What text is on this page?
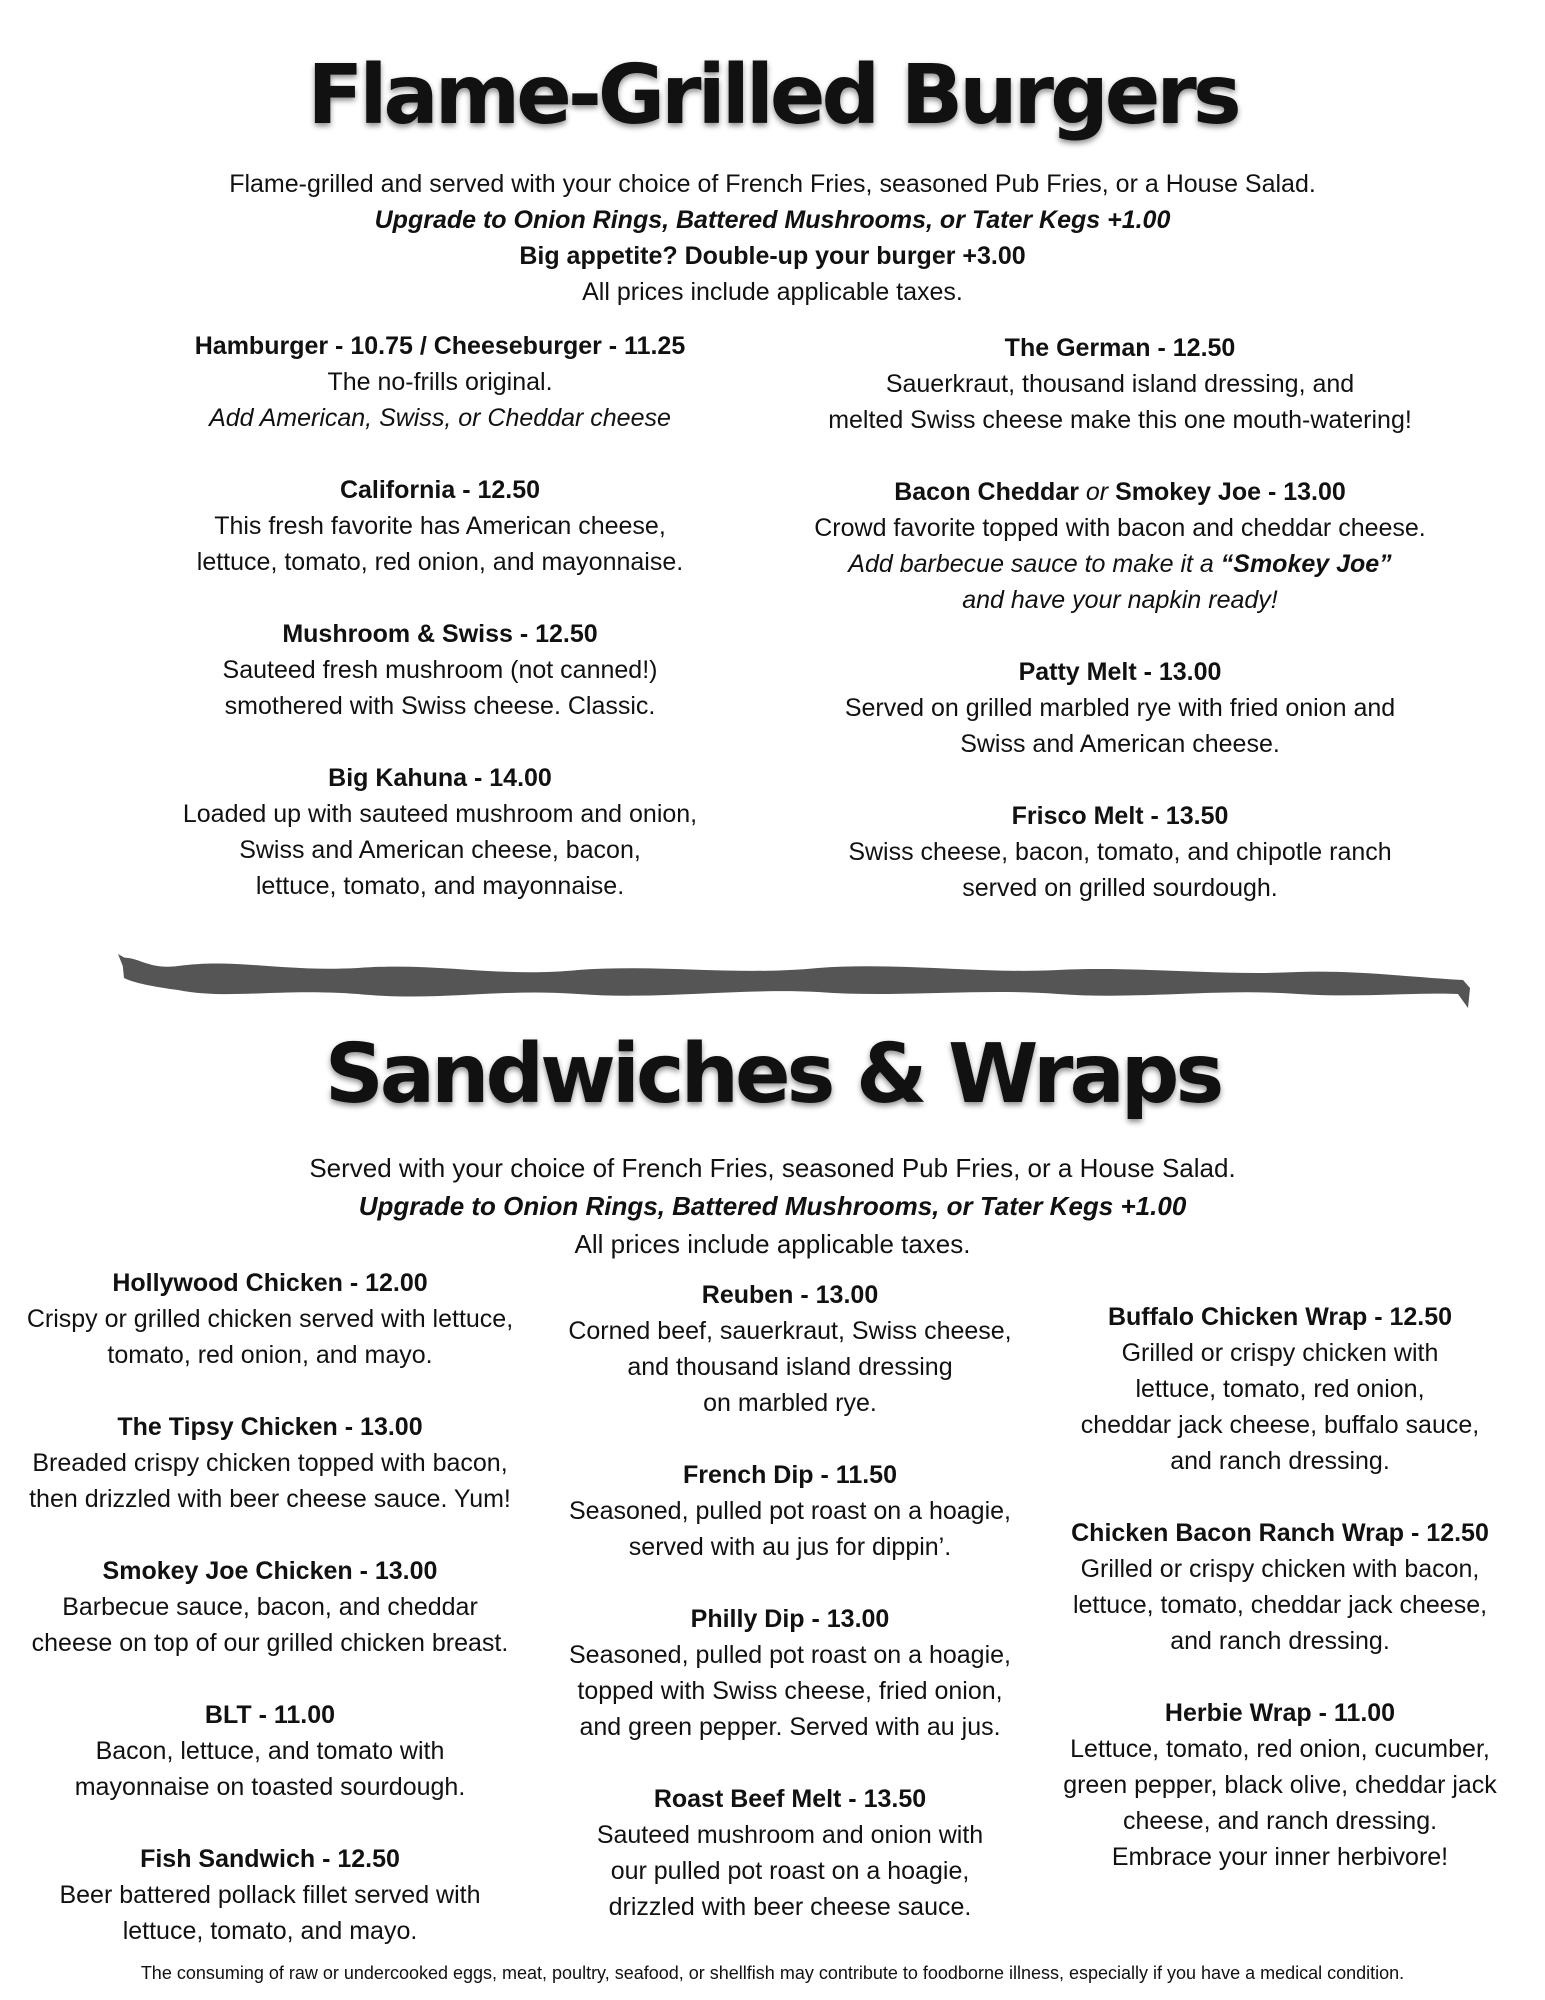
Flame-Grilled Burgers
Flame-grilled and served with your choice of French Fries, seasoned Pub Fries, or a House Salad.
Upgrade to Onion Rings, Battered Mushrooms, or Tater Kegs +1.00
Big appetite? Double-up your burger +3.00
All prices include applicable taxes.
Hamburger - 10.75 / Cheeseburger - 11.25
The no-frills original.
Add American, Swiss, or Cheddar cheese
California - 12.50
This fresh favorite has American cheese,
lettuce, tomato, red onion, and mayonnaise.
Mushroom & Swiss - 12.50
Sauteed fresh mushroom (not canned!)
smothered with Swiss cheese. Classic.
Big Kahuna - 14.00
Loaded up with sauteed mushroom and onion,
Swiss and American cheese, bacon,
lettuce, tomato, and mayonnaise.
The German - 12.50
Sauerkraut, thousand island dressing, and
melted Swiss cheese make this one mouth-watering!
Bacon Cheddar or Smokey Joe - 13.00
Crowd favorite topped with bacon and cheddar cheese.
Add barbecue sauce to make it a “Smokey Joe”
and have your napkin ready!
Patty Melt - 13.00
Served on grilled marbled rye with fried onion and
Swiss and American cheese.
Frisco Melt - 13.50
Swiss cheese, bacon, tomato, and chipotle ranch
served on grilled sourdough.
Sandwiches & Wraps
Served with your choice of French Fries, seasoned Pub Fries, or a House Salad.
Upgrade to Onion Rings, Battered Mushrooms, or Tater Kegs +1.00
All prices include applicable taxes.
Hollywood Chicken - 12.00
Crispy or grilled chicken served with lettuce,
tomato, red onion, and mayo.
The Tipsy Chicken - 13.00
Breaded crispy chicken topped with bacon,
then drizzled with beer cheese sauce. Yum!
Smokey Joe Chicken - 13.00
Barbecue sauce, bacon, and cheddar
cheese on top of our grilled chicken breast.
BLT - 11.00
Bacon, lettuce, and tomato with
mayonnaise on toasted sourdough.
Fish Sandwich - 12.50
Beer battered pollack fillet served with
lettuce, tomato, and mayo.
Reuben - 13.00
Corned beef, sauerkraut, Swiss cheese,
and thousand island dressing
on marbled rye.
French Dip - 11.50
Seasoned, pulled pot roast on a hoagie,
served with au jus for dippin’.
Philly Dip - 13.00
Seasoned, pulled pot roast on a hoagie,
topped with Swiss cheese, fried onion,
and green pepper. Served with au jus.
Roast Beef Melt - 13.50
Sauteed mushroom and onion with
our pulled pot roast on a hoagie,
drizzled with beer cheese sauce.
Buffalo Chicken Wrap - 12.50
Grilled or crispy chicken with
lettuce, tomato, red onion,
cheddar jack cheese, buffalo sauce,
and ranch dressing.
Chicken Bacon Ranch Wrap - 12.50
Grilled or crispy chicken with bacon,
lettuce, tomato, cheddar jack cheese,
and ranch dressing.
Herbie Wrap - 11.00
Lettuce, tomato, red onion, cucumber,
green pepper, black olive, cheddar jack
cheese, and ranch dressing.
Embrace your inner herbivore!
The consuming of raw or undercooked eggs, meat, poultry, seafood, or shellfish may contribute to foodborne illness, especially if you have a medical condition.
